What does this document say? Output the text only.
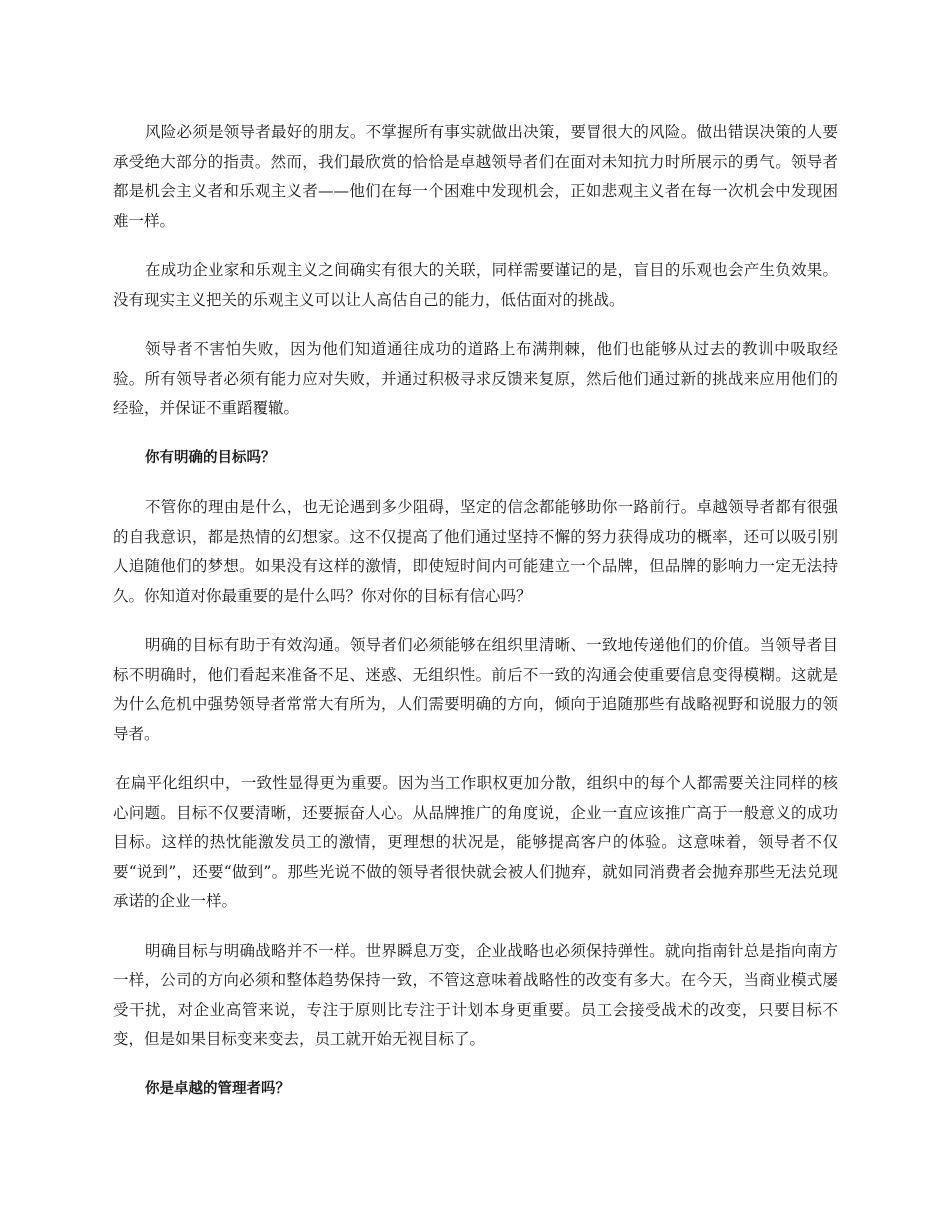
风险必须是领导者最好的朋友。不掌握所有事实就做出决策，要冒很大的风险。做出错误决策的人要承受绝大部分的指责。然而，我们最欣赏的恰恰是卓越领导者们在面对未知抗力时所展示的勇气。领导者都是机会主义者和乐观主义者——他们在每一个困难中发现机会，正如悲观主义者在每一次机会中发现困难一样。

在成功企业家和乐观主义之间确实有很大的关联，同样需要谨记的是，盲目的乐观也会产生负效果。没有现实主义把关的乐观主义可以让人高估自己的能力，低估面对的挑战。

领导者不害怕失败，因为他们知道通往成功的道路上布满荆棘，他们也能够从过去的教训中吸取经验。所有领导者必须有能力应对失败，并通过积极寻求反馈来复原，然后他们通过新的挑战来应用他们的经验，并保证不重蹈覆辙。

你有明确的目标吗？

不管你的理由是什么，也无论遇到多少阻碍，坚定的信念都能够助你一路前行。卓越领导者都有很强的自我意识，都是热情的幻想家。这不仅提高了他们通过坚持不懈的努力获得成功的概率，还可以吸引别人追随他们的梦想。如果没有这样的激情，即使短时间内可能建立一个品牌，但品牌的影响力一定无法持久。你知道对你最重要的是什么吗？你对你的目标有信心吗？

明确的目标有助于有效沟通。领导者们必须能够在组织里清晰、一致地传递他们的价值。当领导者目标不明确时，他们看起来准备不足、迷惑、无组织性。前后不一致的沟通会使重要信息变得模糊。这就是为什么危机中强势领导者常常大有所为，人们需要明确的方向，倾向于追随那些有战略视野和说服力的领导者。

在扁平化组织中，一致性显得更为重要。因为当工作职权更加分散，组织中的每个人都需要关注同样的核心问题。目标不仅要清晰，还要振奋人心。从品牌推广的角度说，企业一直应该推广高于一般意义的成功目标。这样的热忱能激发员工的激情，更理想的状况是，能够提高客户的体验。这意味着，领导者不仅要“说到”，还要“做到”。那些光说不做的领导者很快就会被人们抛弃，就如同消费者会抛弃那些无法兑现承诺的企业一样。

明确目标与明确战略并不一样。世界瞬息万变，企业战略也必须保持弹性。就向指南针总是指向南方一样，公司的方向必须和整体趋势保持一致，不管这意味着战略性的改变有多大。在今天，当商业模式屡受干扰，对企业高管来说，专注于原则比专注于计划本身更重要。员工会接受战术的改变，只要目标不变，但是如果目标变来变去，员工就开始无视目标了。

你是卓越的管理者吗？
